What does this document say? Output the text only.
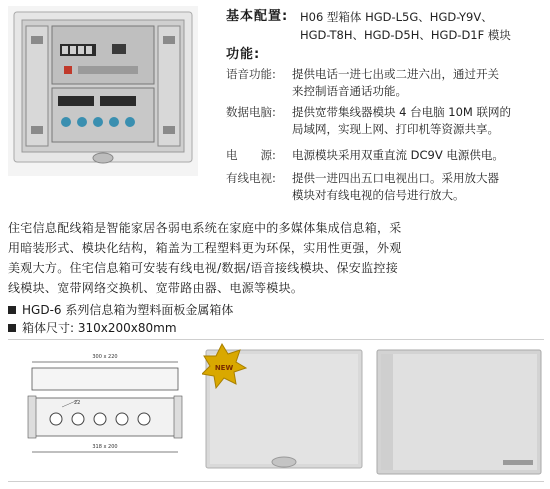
基本配置: H06 型箱体 HGD-L5G、HGD-Y9V、
HGD-T8H、HGD-D5H、HGD-D1F 模块
功能:
语音功能: 提供电话一进七出或二进六出，通过开关
来控制语音通话功能。
数据电脑: 提供宽带集线器模块 4 台电脑 10M 联网的
局域网，实现上网、打印机等资源共享。
电　　源: 电源模块采用双重直流 DC9V 电源供电。
有线电视: 提供一进四出五口电视出口。采用放大器
模块对有线电视的信号进行放大。
住宅信息配线箱是智能家居各弱电系统在家庭中的多媒体集成信息箱，采
用暗装形式、模块化结构，箱盖为工程塑料更为环保，实用性更强，外观
美观大方。住宅信息箱可安装有线电视/数据/语音接线模块、保安监控接
线模块、宽带网络交换机、宽带路由器、电源等模块。
HGD-6 系列信息箱为塑料面板金属箱体
箱体尺寸: 310x200x80mm
300 x 220
22
318 x 200
NEW
